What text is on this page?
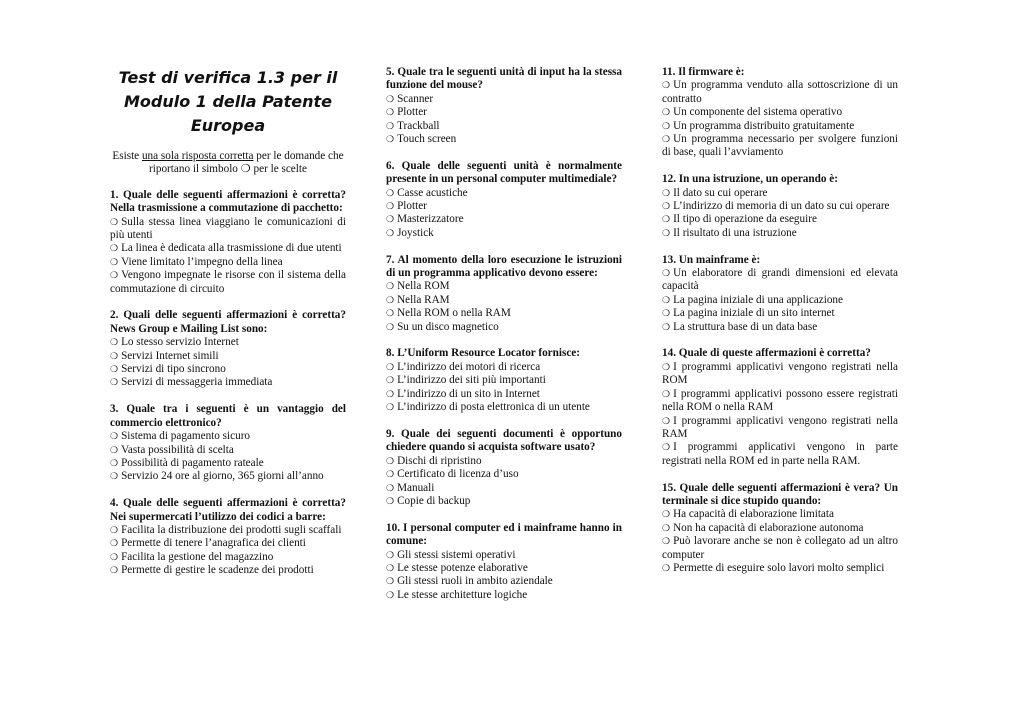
Test di verifica 1.3 per il Modulo 1 della Patente Europea
Esiste una sola risposta corretta per le domande che riportano il simbolo ❍ per le scelte
1. Quale delle seguenti affermazioni è corretta? Nella trasmissione a commutazione di pacchetto:
❍ Sulla stessa linea viaggiano le comunicazioni di più utenti
❍ La linea è dedicata alla trasmissione di due utenti
❍ Viene limitato l’impegno della linea
❍ Vengono impegnate le risorse con il sistema della commutazione di circuito
2. Quali delle seguenti affermazioni è corretta? News Group e Mailing List sono:
❍ Lo stesso servizio Internet
❍ Servizi Internet simili
❍ Servizi di tipo sincrono
❍ Servizi di messaggeria immediata
3. Quale tra i seguenti è un vantaggio del commercio elettronico?
❍ Sistema di pagamento sicuro
❍ Vasta possibilità di scelta
❍ Possibilità di pagamento rateale
❍ Servizio 24 ore al giorno, 365 giorni all’anno
4. Quale delle seguenti affermazioni è corretta? Nei supermercati l’utilizzo dei codici a barre:
❍ Facilita la distribuzione dei prodotti sugli scaffali
❍ Permette di tenere l’anagrafica dei clienti
❍ Facilita la gestione del magazzino
❍ Permette di gestire le scadenze dei prodotti
5. Quale tra le seguenti unità di input ha la stessa funzione del mouse?
❍ Scanner
❍ Plotter
❍ Trackball
❍ Touch screen
6. Quale delle seguenti unità è normalmente presente in un personal computer multimediale?
❍ Casse acustiche
❍ Plotter
❍ Masterizzatore
❍ Joystick
7. Al momento della loro esecuzione le istruzioni di un programma applicativo devono essere:
❍ Nella ROM
❍ Nella RAM
❍ Nella ROM o nella RAM
❍ Su un disco magnetico
8. L’Uniform Resource Locator fornisce:
❍ L’indirizzo dei motori di ricerca
❍ L’indirizzo dei siti più importanti
❍ L’indirizzo di un sito in Internet
❍ L’indirizzo di posta elettronica di un utente
9. Quale dei seguenti documenti è opportuno chiedere quando si acquista software usato?
❍ Dischi di ripristino
❍ Certificato di licenza d’uso
❍ Manuali
❍ Copie di backup
10. I personal computer ed i mainframe hanno in comune:
❍ Gli stessi sistemi operativi
❍ Le stesse potenze elaborative
❍ Gli stessi ruoli in ambito aziendale
❍ Le stesse architetture logiche
11. Il firmware è:
❍ Un programma venduto alla sottoscrizione di un contratto
❍ Un componente del sistema operativo
❍ Un programma distribuito gratuitamente
❍ Un programma necessario per svolgere funzioni di base, quali l’avviamento
12. In una istruzione, un operando è:
❍ Il dato su cui operare
❍ L’indirizzo di memoria di un dato su cui operare
❍ Il tipo di operazione da eseguire
❍ Il risultato di una istruzione
13. Un mainframe è:
❍ Un elaboratore di grandi dimensioni ed elevata capacità
❍ La pagina iniziale di una applicazione
❍ La pagina iniziale di un sito internet
❍ La struttura base di un data base
14. Quale di queste affermazioni è corretta?
❍ I programmi applicativi vengono registrati nella ROM
❍ I programmi applicativi possono essere registrati nella ROM o nella RAM
❍ I programmi applicativi vengono registrati nella RAM
❍ I programmi applicativi vengono in parte registrati nella ROM ed in parte nella RAM.
15. Quale delle seguenti affermazioni è vera? Un terminale si dice stupido quando:
❍ Ha capacità di elaborazione limitata
❍ Non ha capacità di elaborazione autonoma
❍ Può lavorare anche se non è collegato ad un altro computer
❍ Permette di eseguire solo lavori molto semplici
